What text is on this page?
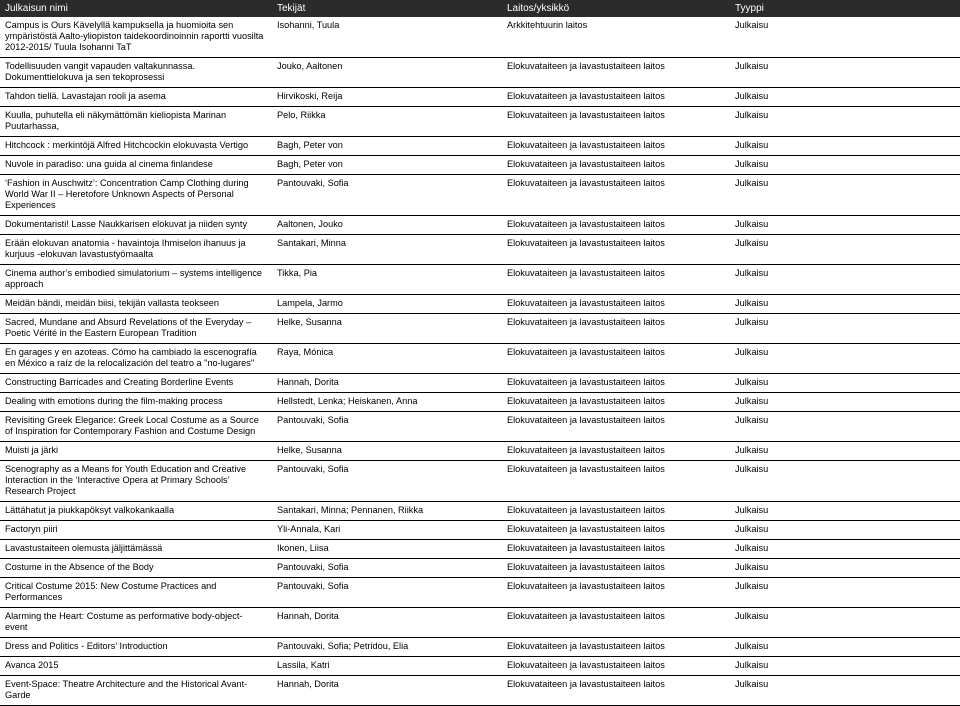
Julkaisun nimi	Tekijät	Laitos/yksikkö	Tyyppi
Campus is Ours Kävelyllä kampuksella ja huomioita sen ympäristöstä Aalto-yliopiston taidekoordinoinnin raportti vuosilta 2012-2015/ Tuula Isohanni TaT	Isohanni, Tuula	Arkkitehtuurin laitos	Julkaisu
Todellisuuden vangit vapauden valtakunnassa. Dokumenttielokuva ja sen tekoprosessi	Jouko, Aaltonen	Elokuvataiteen ja lavastustaiteen laitos	Julkaisu
Tahdon tiellä. Lavastajan rooli ja asema	Hirvikoski, Reija	Elokuvataiteen ja lavastustaiteen laitos	Julkaisu
Kuulla, puhutella eli näkymättömän kieliopista Marinan Puutarhassa,	Pelo, Riikka	Elokuvataiteen ja lavastustaiteen laitos	Julkaisu
Hitchcock : merkintöjä Alfred Hitchcockin elokuvasta Vertigo	Bagh, Peter von	Elokuvataiteen ja lavastustaiteen laitos	Julkaisu
Nuvole in paradiso: una guida al cinema finlandese	Bagh, Peter von	Elokuvataiteen ja lavastustaiteen laitos	Julkaisu
‘Fashion in Auschwitz’: Concentration Camp Clothing during World War II – Heretofore Unknown Aspects of Personal Experiences	Pantouvaki, Sofia	Elokuvataiteen ja lavastustaiteen laitos	Julkaisu
Dokumentaristi! Lasse Naukkarisen elokuvat ja niiden synty	Aaltonen, Jouko	Elokuvataiteen ja lavastustaiteen laitos	Julkaisu
Erään elokuvan anatomia - havaintoja Ihmiselon ihanuus ja kurjuus -elokuvan lavastustyömaalta	Santakari, Minna	Elokuvataiteen ja lavastustaiteen laitos	Julkaisu
Cinema author’s embodied simulatorium – systems intelligence approach	Tikka, Pia	Elokuvataiteen ja lavastustaiteen laitos	Julkaisu
Meidän bändi, meidän biisi, tekijän vallasta teokseen	Lampela, Jarmo	Elokuvataiteen ja lavastustaiteen laitos	Julkaisu
Sacred, Mundane and Absurd Revelations of the Everyday – Poetic Vérité in the Eastern European Tradition	Helke, Susanna	Elokuvataiteen ja lavastustaiteen laitos	Julkaisu
En garages y en azoteas. Cómo ha cambiado la escenografía en México a raíz de la relocalización del teatro a "no-lugares"	Raya, Mónica	Elokuvataiteen ja lavastustaiteen laitos	Julkaisu
Constructing Barricades and Creating Borderline Events	Hannah, Dorita	Elokuvataiteen ja lavastustaiteen laitos	Julkaisu
Dealing with emotions during the film-making process	Hellstedt, Lenka; Heiskanen, Anna	Elokuvataiteen ja lavastustaiteen laitos	Julkaisu
Revisiting Greek Elegance: Greek Local Costume as a Source of Inspiration for Contemporary Fashion and Costume Design	Pantouvaki, Sofia	Elokuvataiteen ja lavastustaiteen laitos	Julkaisu
Muisti ja järki	Helke, Susanna	Elokuvataiteen ja lavastustaiteen laitos	Julkaisu
Scenography as a Means for Youth Education and Creative Interaction in the ‘Interactive Opera at Primary Schools’ Research Project	Pantouvaki, Sofia	Elokuvataiteen ja lavastustaiteen laitos	Julkaisu
Lättähatut ja piukkapöksyt valkokankaalla	Santakari, Minna; Pennanen, Riikka	Elokuvataiteen ja lavastustaiteen laitos	Julkaisu
Factoryn piiri	Yli-Annala, Kari	Elokuvataiteen ja lavastustaiteen laitos	Julkaisu
Lavastustaiteen olemusta jäljittämässä	Ikonen, Liisa	Elokuvataiteen ja lavastustaiteen laitos	Julkaisu
Costume in the Absence of the Body	Pantouvaki, Sofia	Elokuvataiteen ja lavastustaiteen laitos	Julkaisu
Critical Costume 2015: New Costume Practices and Performances	Pantouvaki, Sofia	Elokuvataiteen ja lavastustaiteen laitos	Julkaisu
Alarming the Heart: Costume as performative body-object-event	Hannah, Dorita	Elokuvataiteen ja lavastustaiteen laitos	Julkaisu
Dress and Politics - Editors’ Introduction	Pantouvaki, Sofia; Petridou, Elia	Elokuvataiteen ja lavastustaiteen laitos	Julkaisu
Avanca 2015	Lassila, Katri	Elokuvataiteen ja lavastustaiteen laitos	Julkaisu
Event-Space: Theatre Architecture and the Historical Avant-Garde	Hannah, Dorita	Elokuvataiteen ja lavastustaiteen laitos	Julkaisu
